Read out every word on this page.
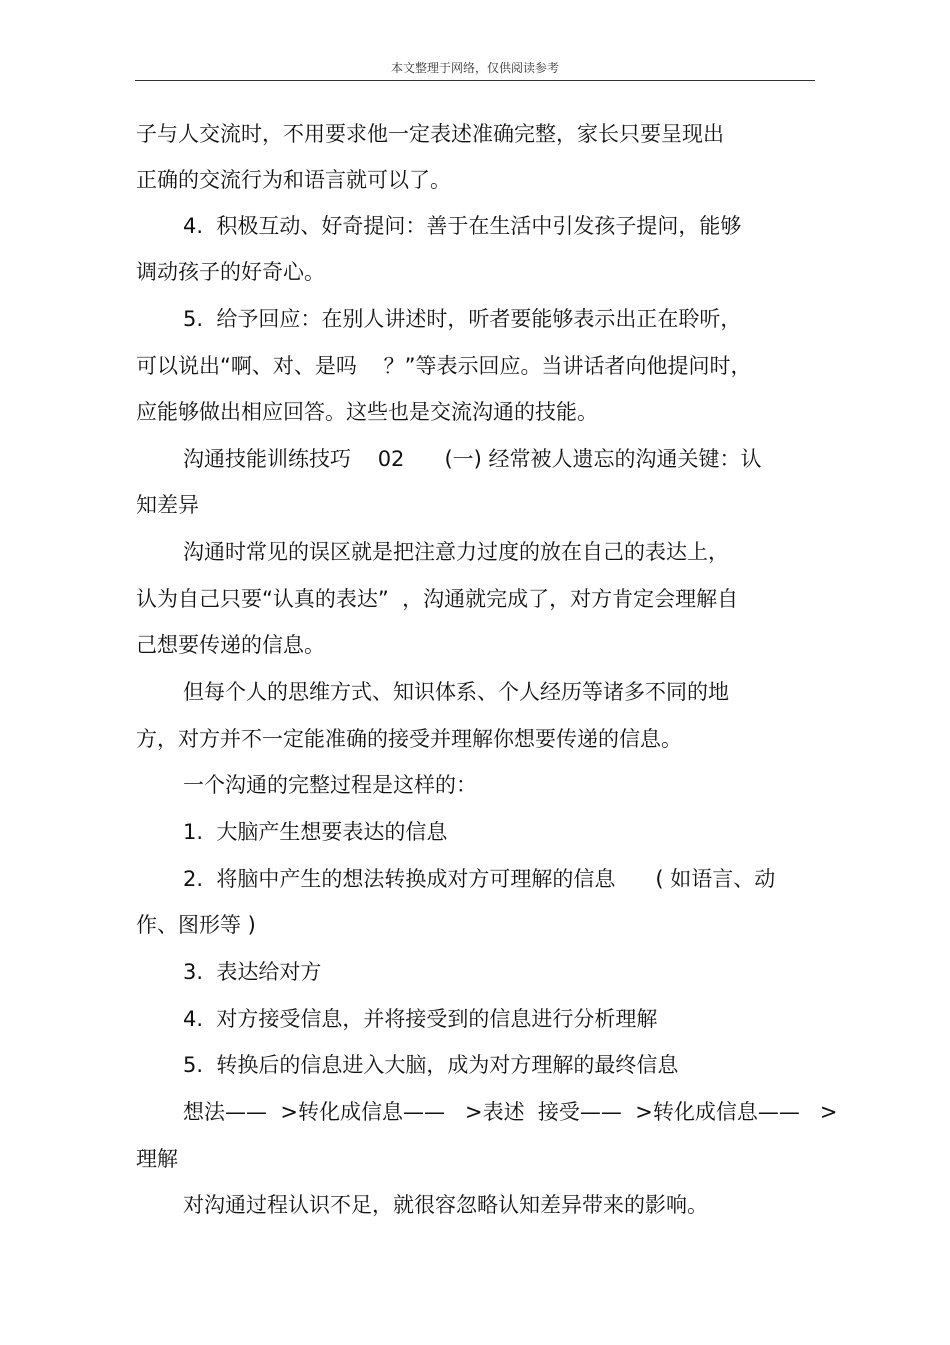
本文整理于网络，仅供阅读参考
子与人交流时，不用要求他一定表述准确完整，家长只要呈现出
正确的交流行为和语言就可以了。
4.  积极互动、好奇提问：善于在生活中引发孩子提问，能够
调动孩子的好奇心。
5.  给予回应：在别人讲述时，听者要能够表示出正在聆听，
可以说出“啊、对、是吗    ？”等表示回应。当讲话者向他提问时，
应能够做出相应回答。这些也是交流沟通的技能。
沟通技能训练技巧    02      (一) 经常被人遗忘的沟通关键：认
知差异
沟通时常见的误区就是把注意力过度的放在自己的表达上，
认为自己只要“认真的表达”  ，沟通就完成了，对方肯定会理解自
己想要传递的信息。
但每个人的思维方式、知识体系、个人经历等诸多不同的地
方，对方并不一定能准确的接受并理解你想要传递的信息。
一个沟通的完整过程是这样的：
1.  大脑产生想要表达的信息
2.  将脑中产生的想法转换成对方可理解的信息      ( 如语言、动
作、图形等 )
3.  表达给对方
4.  对方接受信息，并将接受到的信息进行分析理解
5.  转换后的信息进入大脑，成为对方理解的最终信息
想法——  >转化成信息——   >表述  接受——  >转化成信息——   >
理解
对沟通过程认识不足，就很容忽略认知差异带来的影响。
